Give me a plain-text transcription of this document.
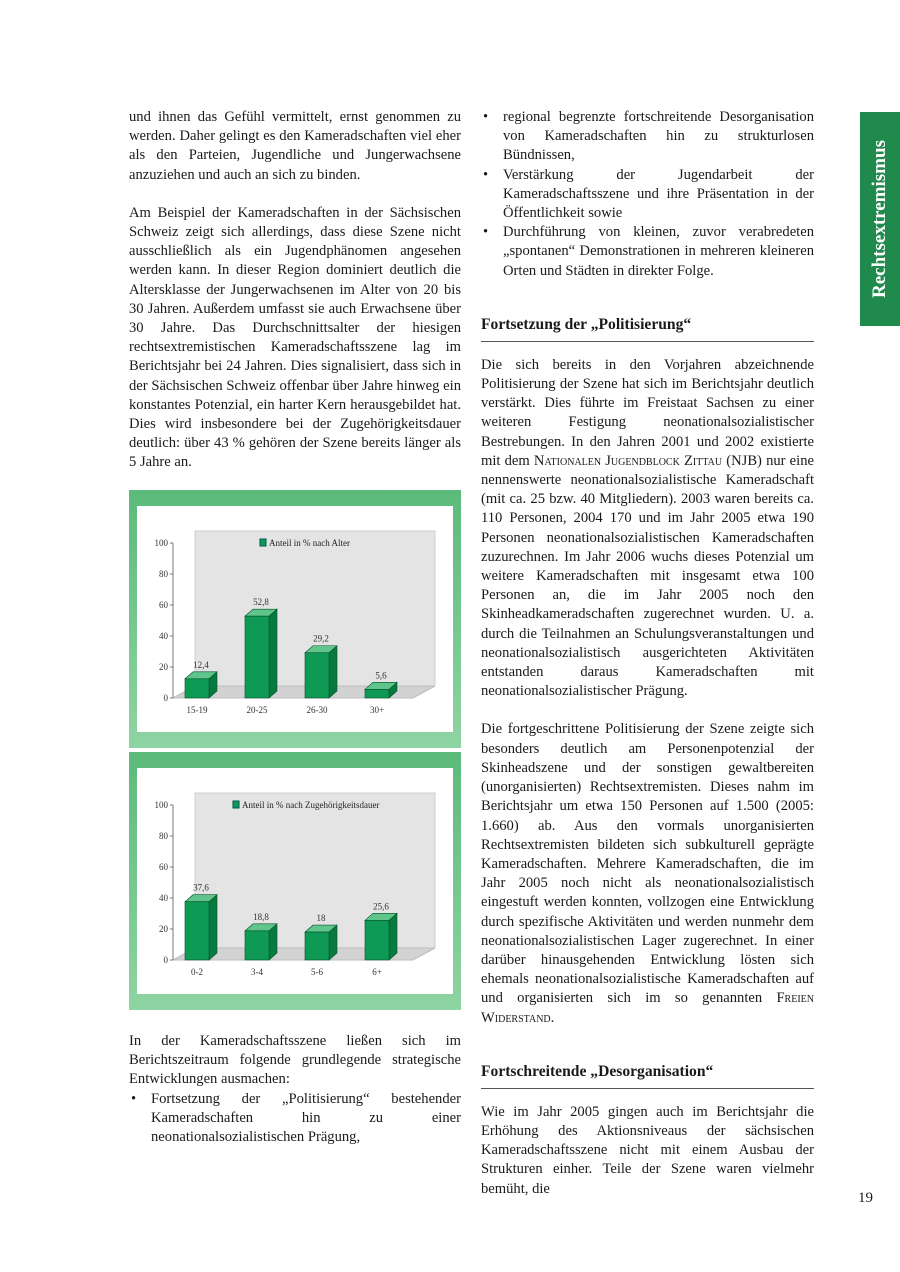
Rechtsextremismus

und ihnen das Gefühl vermittelt, ernst genommen zu werden. Daher gelingt es den Kameradschaften viel eher als den Parteien, Jugendliche und Jungerwachsene anzuziehen und auch an sich zu binden.

Am Beispiel der Kameradschaften in der Sächsischen Schweiz zeigt sich allerdings, dass diese Szene nicht ausschließlich als ein Jugendphänomen angesehen werden kann. In dieser Region dominiert deutlich die Altersklasse der Jungerwachsenen im Alter von 20 bis 30 Jahren. Außerdem umfasst sie auch Erwachsene über 30 Jahre. Das Durchschnittsalter der hiesigen rechtsextremistischen Kameradschaftsszene lag im Berichtsjahr bei 24 Jahren. Dies signalisiert, dass sich in der Sächsischen Schweiz offenbar über Jahre hinweg ein konstantes Potenzial, ein harter Kern herausgebildet hat. Dies wird insbesondere bei der Zugehörigkeitsdauer deutlich: über 43 % gehören der Szene bereits länger als 5 Jahre an.

0
20
40
60
80
100	Anteil in % nach Alter
12,4
15-19
52,8
20-25
29,2
26-30
5,6
30+
0
20
40
60
80
100	Anteil in % nach Zugehörigkeitsdauer
37,6
0-2
18,8
3-4
18
5-6
25,6
6+

In der Kameradschaftsszene ließen sich im Berichtszeitraum folgende grundlegende strategische Entwicklungen ausmachen:

• Fortsetzung der „Politisierung“ bestehender Kameradschaften hin zu einer neonationalsozialistischen Prägung,
• regional begrenzte fortschreitende Desorganisation von Kameradschaften hin zu strukturlosen Bündnissen,
• Verstärkung der Jugendarbeit der Kameradschaftsszene und ihre Präsentation in der Öffentlichkeit sowie
• Durchführung von kleinen, zuvor verabredeten „spontanen“ Demonstrationen in mehreren kleineren Orten und Städten in direkter Folge.
Fortsetzung der „Politisierung“

Die sich bereits in den Vorjahren abzeichnende Politisierung der Szene hat sich im Berichtsjahr deutlich verstärkt. Dies führte im Freistaat Sachsen zu einer weiteren Festigung neonationalsozialistischer Bestrebungen. In den Jahren 2001 und 2002 existierte mit dem Nationalen Jugendblock Zittau (NJB) nur eine nennenswerte neonationalsozialistische Kameradschaft (mit ca. 25 bzw. 40 Mitgliedern). 2003 waren bereits ca. 110 Personen, 2004 170 und im Jahr 2005 etwa 190 Personen neonationalsozialistischen Kameradschaften zuzurechnen. Im Jahr 2006 wuchs dieses Potenzial um weitere Kameradschaften mit insgesamt etwa 100 Personen an, die im Jahr 2005 noch den Skinheadkameradschaften zugerechnet wurden. U. a. durch die Teilnahmen an Schulungsveranstaltungen und neonationalsozialistisch ausgerichteten Aktivitäten entstanden daraus Kameradschaften mit neonationalsozialistischer Prägung.

Die fortgeschrittene Politisierung der Szene zeigte sich besonders deutlich am Personenpotenzial der Skinheadszene und der sonstigen gewaltbereiten (unorganisierten) Rechtsextremisten. Dieses nahm im Berichtsjahr um etwa 150 Personen auf 1.500 (2005: 1.660) ab. Aus den vormals unorganisierten Rechtsextremisten bildeten sich subkulturell geprägte Kameradschaften. Mehrere Kameradschaften, die im Jahr 2005 noch nicht als neonationalsozialistisch eingestuft werden konnten, vollzogen eine Entwicklung durch spezifische Aktivitäten und werden nunmehr dem neonationalsozialistischen Lager zugerechnet. In einer darüber hinausgehenden Entwicklung lösten sich ehemals neonationalsozialistische Kameradschaften auf und organisierten sich im so genannten Freien Widerstand.

Fortschreitende „Desorganisation“

Wie im Jahr 2005 gingen auch im Berichtsjahr die Erhöhung des Aktionsniveaus der sächsischen Kameradschaftsszene nicht mit einem Ausbau der Strukturen einher. Teile der Szene waren vielmehr bemüht, die

19
